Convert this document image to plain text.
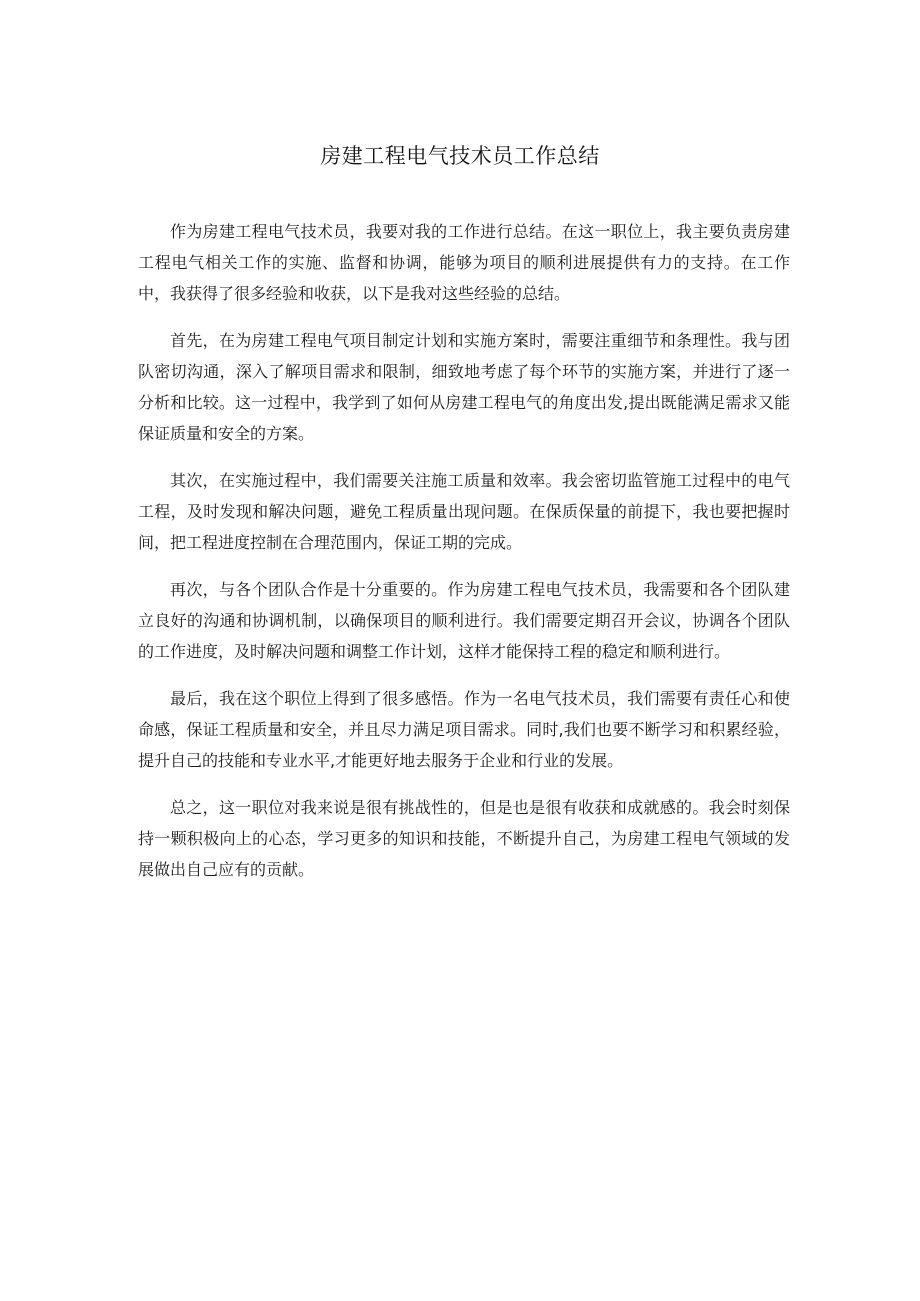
房建工程电气技术员工作总结

作为房建工程电气技术员，我要对我的工作进行总结。在这一职位上，我主要负责房建工程电气相关工作的实施、监督和协调，能够为项目的顺利进展提供有力的支持。在工作中，我获得了很多经验和收获，以下是我对这些经验的总结。

首先，在为房建工程电气项目制定计划和实施方案时，需要注重细节和条理性。我与团队密切沟通，深入了解项目需求和限制，细致地考虑了每个环节的实施方案，并进行了逐一分析和比较。这一过程中，我学到了如何从房建工程电气的角度出发,提出既能满足需求又能保证质量和安全的方案。

其次，在实施过程中，我们需要关注施工质量和效率。我会密切监管施工过程中的电气工程，及时发现和解决问题，避免工程质量出现问题。在保质保量的前提下，我也要把握时间，把工程进度控制在合理范围内，保证工期的完成。

再次，与各个团队合作是十分重要的。作为房建工程电气技术员，我需要和各个团队建立良好的沟通和协调机制，以确保项目的顺利进行。我们需要定期召开会议，协调各个团队的工作进度，及时解决问题和调整工作计划，这样才能保持工程的稳定和顺利进行。

最后，我在这个职位上得到了很多感悟。作为一名电气技术员，我们需要有责任心和使命感，保证工程质量和安全，并且尽力满足项目需求。同时,我们也要不断学习和积累经验，提升自己的技能和专业水平,才能更好地去服务于企业和行业的发展。

总之，这一职位对我来说是很有挑战性的，但是也是很有收获和成就感的。我会时刻保持一颗积极向上的心态，学习更多的知识和技能，不断提升自己，为房建工程电气领域的发展做出自己应有的贡献。
